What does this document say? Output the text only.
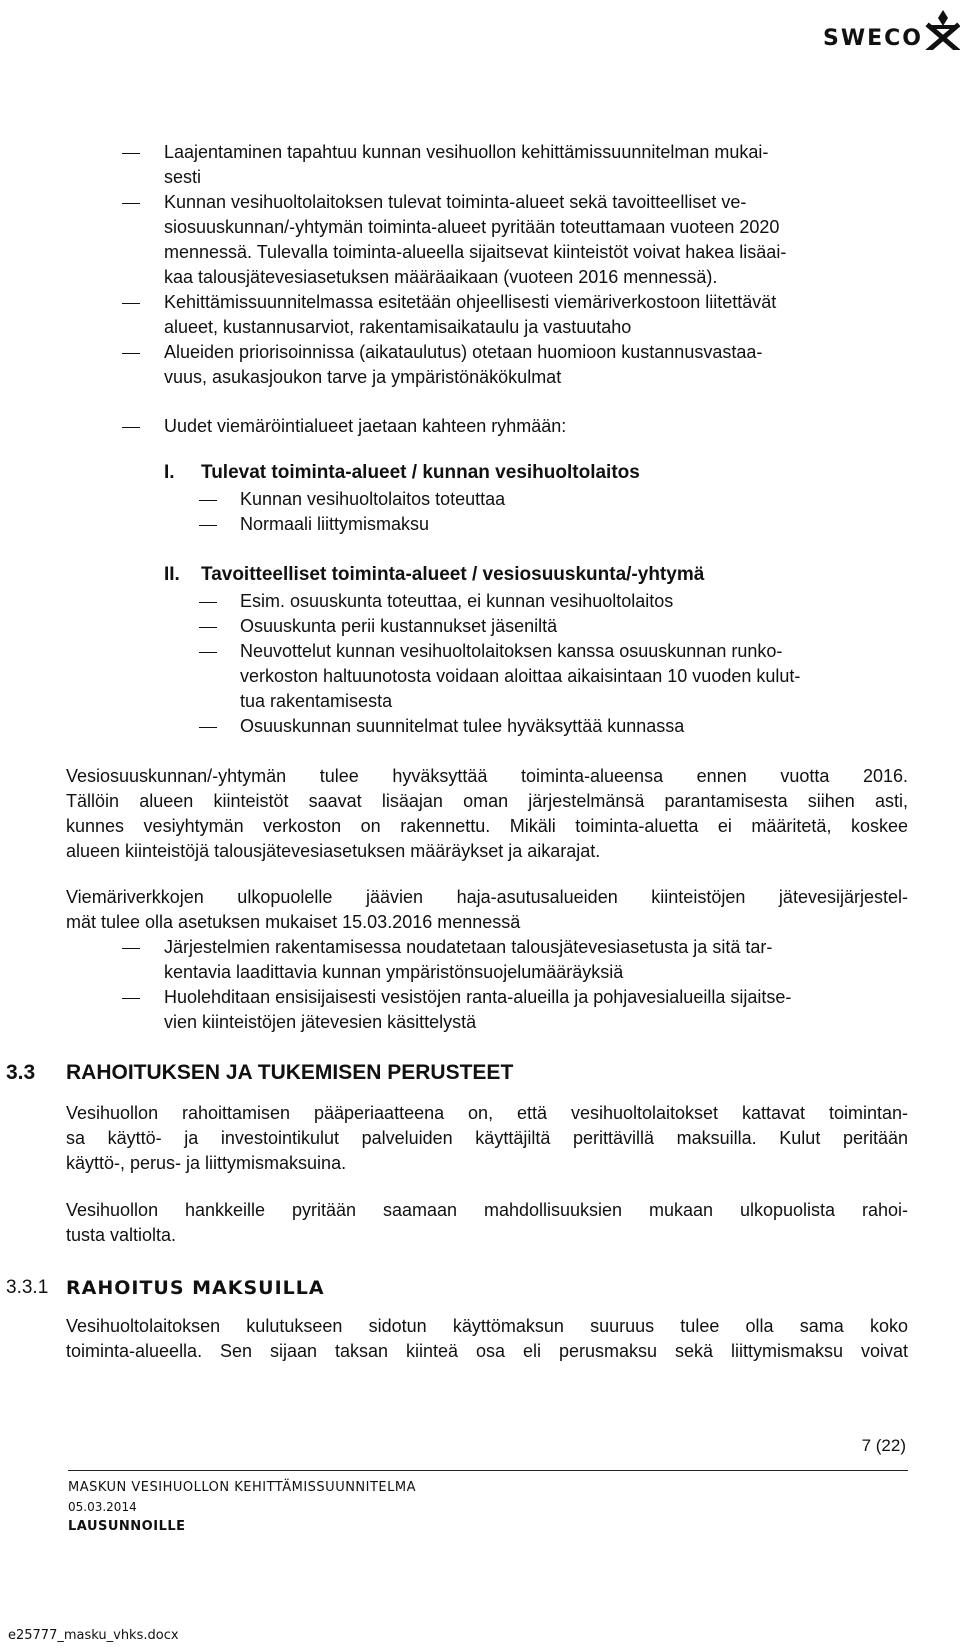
SWECO
Laajentaminen tapahtuu kunnan vesihuollon kehittämissuunnitelman mukai-
sesti
Kunnan vesihuoltolaitoksen tulevat toiminta-alueet sekä tavoitteelliset ve-
siosuuskunnan/-yhtymän toiminta-alueet pyritään toteuttamaan vuoteen 2020
mennessä. Tulevalla toiminta-alueella sijaitsevat kiinteistöt voivat hakea lisäai-
kaa talousjätevesiasetuksen määräaikaan (vuoteen 2016 mennessä).
Kehittämissuunnitelmassa esitetään ohjeellisesti viemäriverkostoon liitettävät
alueet, kustannusarviot, rakentamisaikataulu ja vastuutaho
Alueiden priorisoinnissa (aikataulutus) otetaan huomioon kustannusvastaa-
vuus, asukasjoukon tarve ja ympäristönäkökulmat
Uudet viemäröintialueet jaetaan kahteen ryhmään:
I. Tulevat toiminta-alueet / kunnan vesihuoltolaitos
Kunnan vesihuoltolaitos toteuttaa
Normaali liittymismaksu
II. Tavoitteelliset toiminta-alueet / vesiosuuskunta/-yhtymä
Esim. osuuskunta toteuttaa, ei kunnan vesihuoltolaitos
Osuuskunta perii kustannukset jäseniltä
Neuvottelut kunnan vesihuoltolaitoksen kanssa osuuskunnan runko-
verkoston haltuunotosta voidaan aloittaa aikaisintaan 10 vuoden kulut-
tua rakentamisesta
Osuuskunnan suunnitelmat tulee hyväksyttää kunnassa
Vesiosuuskunnan/-yhtymän tulee hyväksyttää toiminta-alueensa ennen vuotta 2016.
Tällöin alueen kiinteistöt saavat lisäajan oman järjestelmänsä parantamisesta siihen asti,
kunnes vesiyhtymän verkoston on rakennettu. Mikäli toiminta-aluetta ei määritetä, koskee
alueen kiinteistöjä talousjätevesiasetuksen määräykset ja aikarajat.
Viemäriverkkojen ulkopuolelle jäävien haja-asutusalueiden kiinteistöjen jätevesijärjestel-
mät tulee olla asetuksen mukaiset 15.03.2016 mennessä
Järjestelmien rakentamisessa noudatetaan talousjätevesiasetusta ja sitä tar-
kentavia laadittavia kunnan ympäristönsuojelumääräyksiä
Huolehditaan ensisijaisesti vesistöjen ranta-alueilla ja pohjavesialueilla sijaitse-
vien kiinteistöjen jätevesien käsittelystä
3.3 RAHOITUKSEN JA TUKEMISEN PERUSTEET
Vesihuollon rahoittamisen pääperiaatteena on, että vesihuoltolaitokset kattavat toimintan-
sa käyttö- ja investointikulut palveluiden käyttäjiltä perittävillä maksuilla. Kulut peritään
käyttö-, perus- ja liittymismaksuina.
Vesihuollon hankkeille pyritään saamaan mahdollisuuksien mukaan ulkopuolista rahoi-
tusta valtiolta.
3.3.1 RAHOITUS MAKSUILLA
Vesihuoltolaitoksen kulutukseen sidotun käyttömaksun suuruus tulee olla sama koko
toiminta-alueella. Sen sijaan taksan kiinteä osa eli perusmaksu sekä liittymismaksu voivat
7 (22)
MASKUN VESIHUOLLON KEHITTÄMISSUUNNITELMA
05.03.2014
LAUSUNNOILLE
e25777_masku_vhks.docx
